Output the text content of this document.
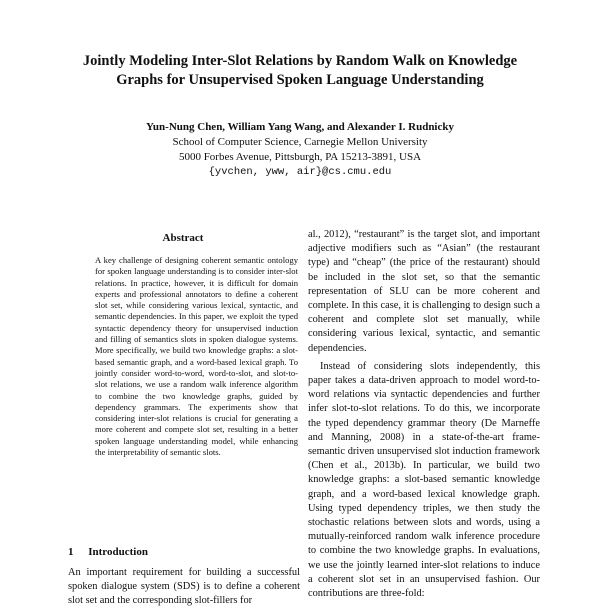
Jointly Modeling Inter-Slot Relations by Random Walk on Knowledge
Graphs for Unsupervised Spoken Language Understanding
Yun-Nung Chen, William Yang Wang, and Alexander I. Rudnicky
School of Computer Science, Carnegie Mellon University
5000 Forbes Avenue, Pittsburgh, PA 15213-3891, USA
{yvchen, yww, air}@cs.cmu.edu
Abstract
A key challenge of designing coherent semantic ontology for spoken language understanding is to consider inter-slot relations. In practice, however, it is difficult for domain experts and professional annotators to define a coherent slot set, while considering various lexical, syntactic, and semantic dependencies. In this paper, we exploit the typed syntactic dependency theory for unsupervised induction and filling of semantics slots in spoken dialogue systems. More specifically, we build two knowledge graphs: a slot-based semantic graph, and a word-based lexical graph. To jointly consider word-to-word, word-to-slot, and slot-to-slot relations, we use a random walk inference algorithm to combine the two knowledge graphs, guided by dependency grammars. The experiments show that considering inter-slot relations is crucial for generating a more coherent and compete slot set, resulting in a better spoken language understanding model, while enhancing the interpretability of semantic slots.
1 Introduction

An important requirement for building a successful spoken dialogue system (SDS) is to define a coherent slot set and the corresponding slot-fillers for

al., 2012), “restaurant” is the target slot, and important adjective modifiers such as “Asian” (the restaurant type) and “cheap” (the price of the restaurant) should be included in the slot set, so that the semantic representation of SLU can be more coherent and complete. In this case, it is challenging to design such a coherent and complete slot set manually, while considering various lexical, syntactic, and semantic dependencies.

Instead of considering slots independently, this paper takes a data-driven approach to model word-to-word relations via syntactic dependencies and further infer slot-to-slot relations. To do this, we incorporate the typed dependency grammar theory (De Marneffe and Manning, 2008) in a state-of-the-art frame-semantic driven unsupervised slot induction framework (Chen et al., 2013b). In particular, we build two knowledge graphs: a slot-based semantic knowledge graph, and a word-based lexical knowledge graph. Using typed dependency triples, we then study the stochastic relations between slots and words, using a mutually-reinforced random walk inference procedure to combine the two knowledge graphs. In evaluations, we use the jointly learned inter-slot relations to induce a coherent slot set in an unsupervised fashion. Our contributions are three-fold:
